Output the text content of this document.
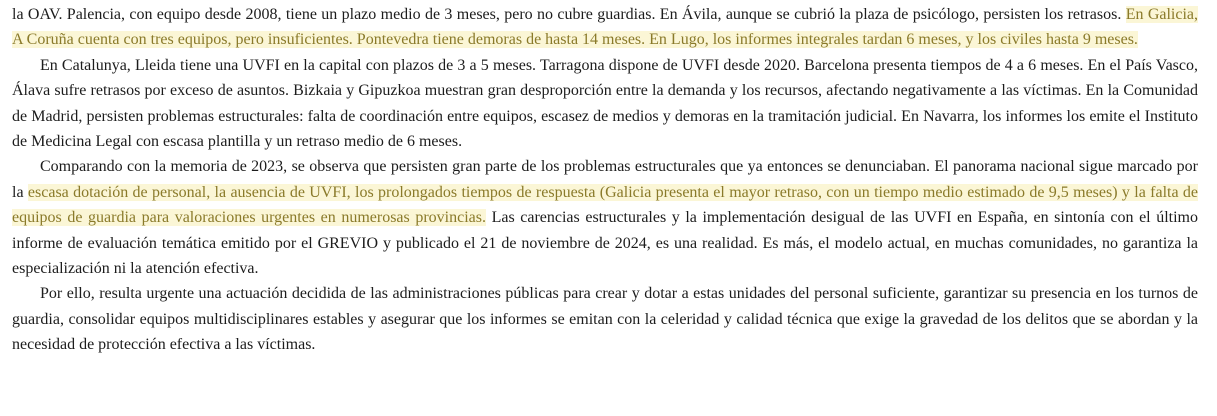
la OAV. Palencia, con equipo desde 2008, tiene un plazo medio de 3 meses, pero no cubre guardias. En Ávila, aunque se cubrió la plaza de psicólogo, persisten los retrasos. En Galicia, A Coruña cuenta con tres equipos, pero insuficientes. Pontevedra tiene demoras de hasta 14 meses. En Lugo, los informes integrales tardan 6 meses, y los civiles hasta 9 meses.

En Catalunya, Lleida tiene una UVFI en la capital con plazos de 3 a 5 meses. Tarragona dispone de UVFI desde 2020. Barcelona presenta tiempos de 4 a 6 meses. En el País Vasco, Álava sufre retrasos por exceso de asuntos. Bizkaia y Gipuzkoa muestran gran desproporción entre la demanda y los recursos, afectando negativamente a las víctimas. En la Comunidad de Madrid, persisten problemas estructurales: falta de coordinación entre equipos, escasez de medios y demoras en la tramitación judicial. En Navarra, los informes los emite el Instituto de Medicina Legal con escasa plantilla y un retraso medio de 6 meses.

Comparando con la memoria de 2023, se observa que persisten gran parte de los problemas estructurales que ya entonces se denunciaban. El panorama nacional sigue marcado por la escasa dotación de personal, la ausencia de UVFI, los prolongados tiempos de respuesta (Galicia presenta el mayor retraso, con un tiempo medio estimado de 9,5 meses) y la falta de equipos de guardia para valoraciones urgentes en numerosas provincias. Las carencias estructurales y la implementación desigual de las UVFI en España, en sintonía con el último informe de evaluación temática emitido por el GREVIO y publicado el 21 de noviembre de 2024, es una realidad. Es más, el modelo actual, en muchas comunidades, no garantiza la especialización ni la atención efectiva.

Por ello, resulta urgente una actuación decidida de las administraciones públicas para crear y dotar a estas unidades del personal suficiente, garantizar su presencia en los turnos de guardia, consolidar equipos multidisciplinares estables y asegurar que los informes se emitan con la celeridad y calidad técnica que exige la gravedad de los delitos que se abordan y la necesidad de protección efectiva a las víctimas.
